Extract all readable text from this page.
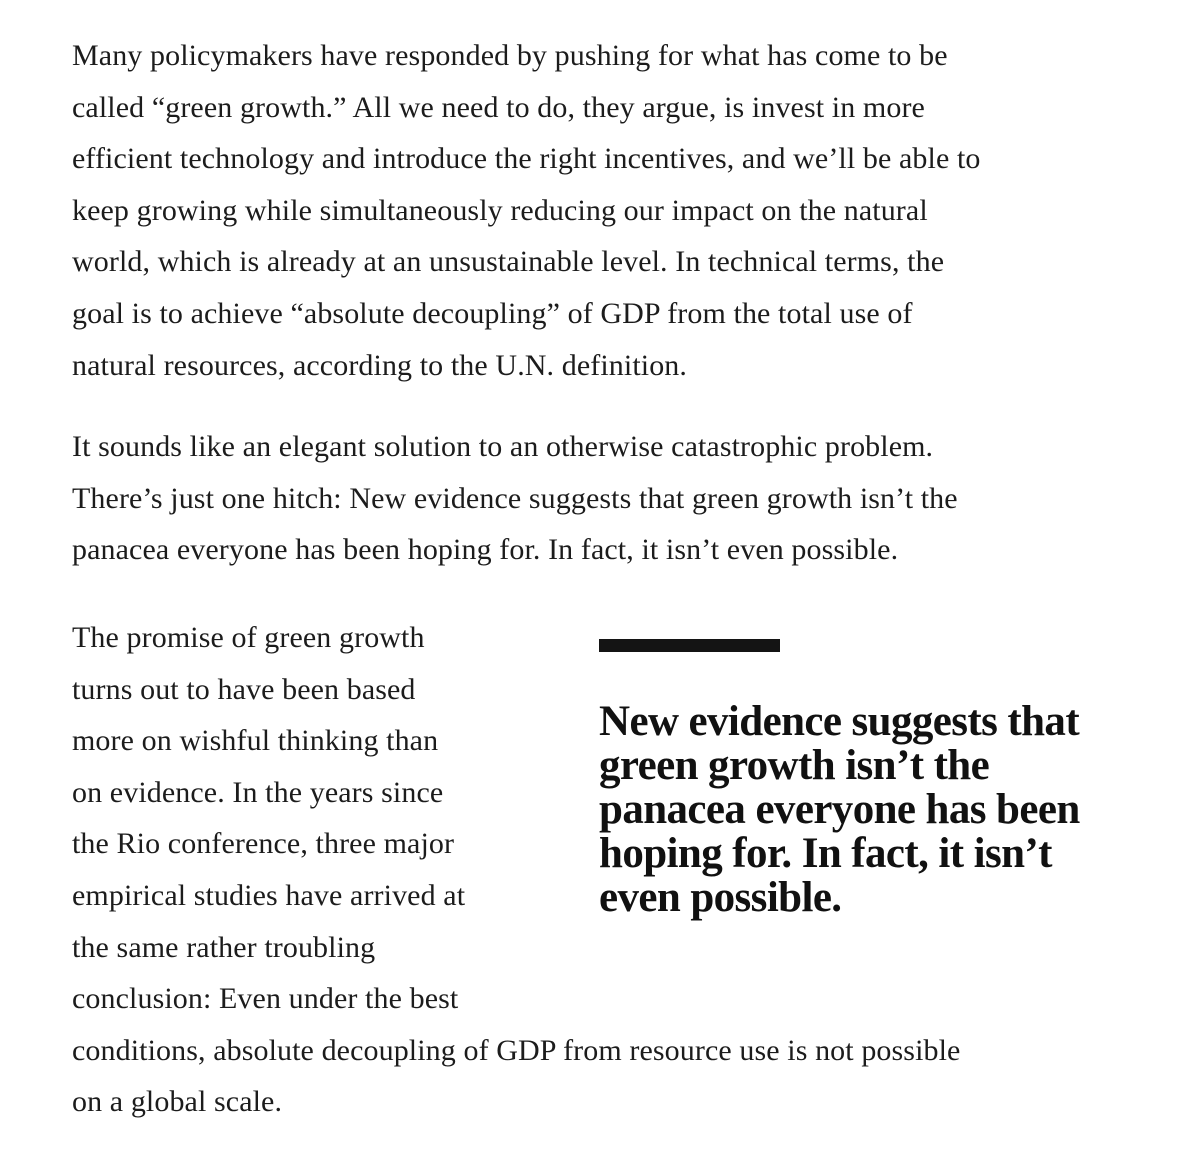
Many policymakers have responded by pushing for what has come to be
called “green growth.” All we need to do, they argue, is invest in more
efficient technology and introduce the right incentives, and we’ll be able to
keep growing while simultaneously reducing our impact on the natural
world, which is already at an unsustainable level. In technical terms, the
goal is to achieve “absolute decoupling” of GDP from the total use of
natural resources, according to the U.N. definition.

It sounds like an elegant solution to an otherwise catastrophic problem.
There’s just one hitch: New evidence suggests that green growth isn’t the
panacea everyone has been hoping for. In fact, it isn’t even possible.

The promise of green growth
turns out to have been based
more on wishful thinking than
on evidence. In the years since
the Rio conference, three major
empirical studies have arrived at
the same rather troubling
conclusion: Even under the best
conditions, absolute decoupling of GDP from resource use is not possible
on a global scale.

New evidence suggests that
green growth isn’t the
panacea everyone has been
hoping for. In fact, it isn’t
even possible.
